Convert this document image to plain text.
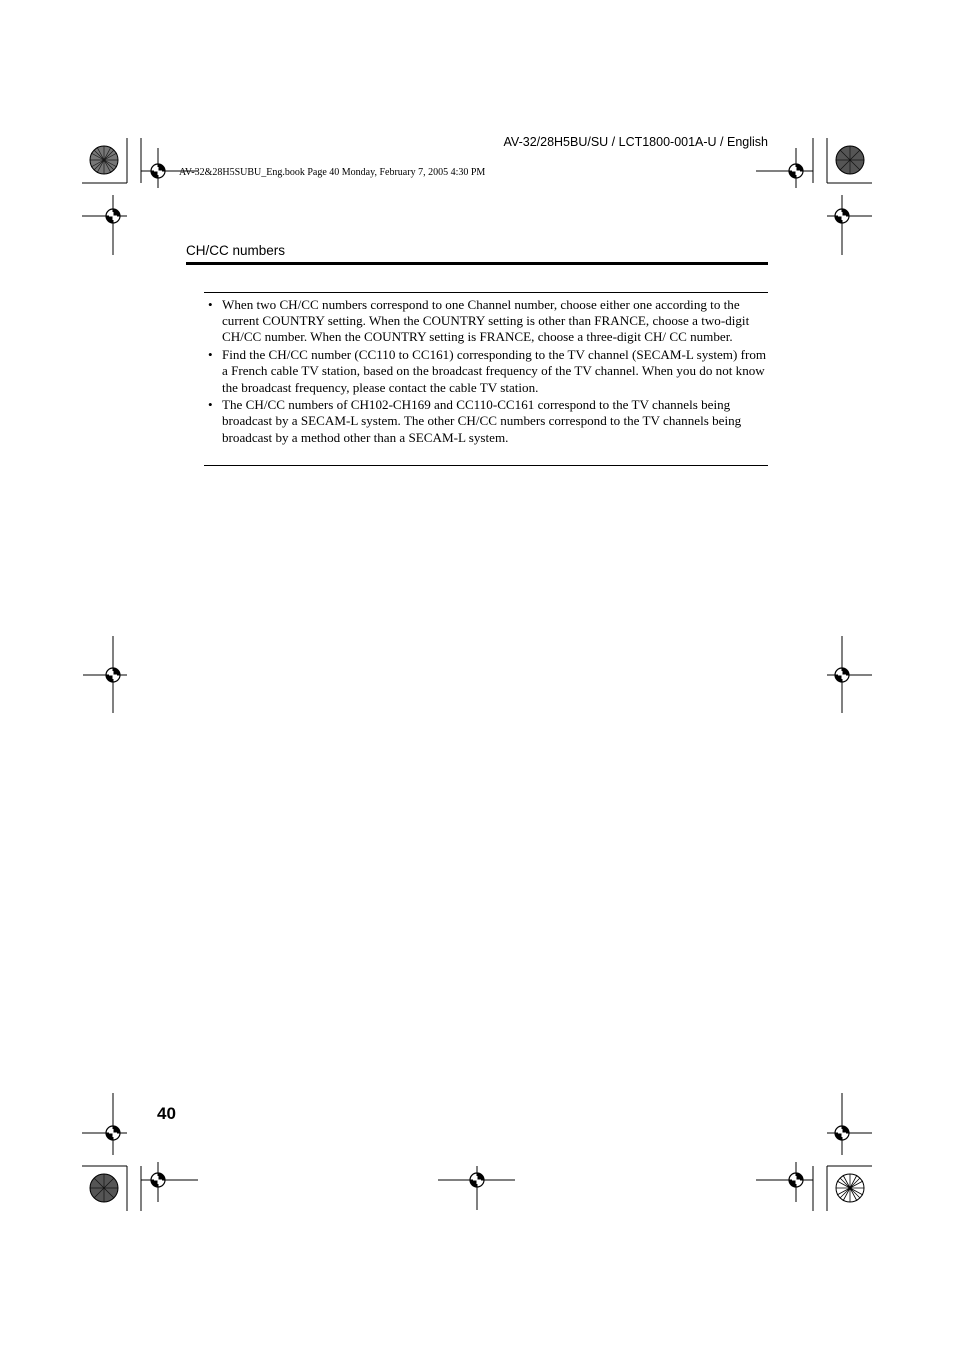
AV-32/28H5BU/SU / LCT1800-001A-U / English
AV-32&28H5SUBU_Eng.book Page 40 Monday, February 7, 2005 4:30 PM
CH/CC numbers
• When two CH/CC numbers correspond to one Channel number, choose either one according to the current COUNTRY setting. When the COUNTRY setting is other than FRANCE, choose a two-digit CH/CC number. When the COUNTRY setting is FRANCE, choose a three-digit CH/ CC number.
• Find the CH/CC number (CC110 to CC161) corresponding to the TV channel (SECAM-L system) from a French cable TV station, based on the broadcast frequency of the TV channel. When you do not know the broadcast frequency, please contact the cable TV station.
• The CH/CC numbers of CH102-CH169 and CC110-CC161 correspond to the TV channels being broadcast by a SECAM-L system. The other CH/CC numbers correspond to the TV channels being broadcast by a method other than a SECAM-L system.
40
